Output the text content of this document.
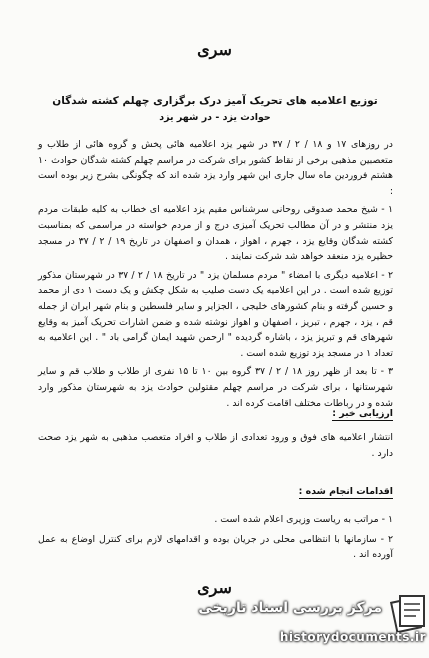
سری
توزیع اعلامیه های تحریک آمیز درک برگزاری چهلم کشته شدگان
حوادث یزد - در شهر یزد

در روزهای ۱۷ و ۱۸ / ۲ / ۳۷ در شهر یزد اعلامیه هائی پخش و گروه هائی از طلاب و متعصبین مذهبی برخی از نقاط کشور برای شرکت در مراسم چهلم کشته شدگان حوادث ۱۰ هشتم فروردین ماه سال جاری این شهر وارد یزد شده اند که چگونگی بشرح زیر بوده است :

۱ - شیخ محمد صدوقی روحانی سرشناس مقیم یزد اعلامیه ای خطاب به کلیه طبقات مردم یزد منتشر و در آن مطالب تحریک آمیزی درج و از مردم خواسته در مراسمی که بمناسبت کشته شدگان وقایع یزد ، جهرم ، اهواز ، همدان و اصفهان در تاریخ ۱۹ / ۲ / ۳۷ در مسجد حظیره یزد منعقد خواهد شد شرکت نمایند .

۲ - اعلامیه دیگری با امضاء " مردم مسلمان یزد " در تاریخ ۱۸ / ۲ / ۳۷ در شهرستان مذکور توزیع شده است . در این اعلامیه یک دست صلیب به شکل چکش و یک دست ۱ دی از محمد و حسین گرفته و بنام کشورهای خلیجی ، الجزایر و سایر فلسطین و بنام شهر ایران از جمله قم ، یزد ، جهرم ، تبریز ، اصفهان و اهواز نوشته شده و ضمن اشارات تحریک آمیز به وقایع شهرهای قم و تبریز یزد ، باشاره گردیده " ارحمن شهید ایمان گرامی باد " . این اعلامیه به تعداد ۱ در مسجد یزد توزیع شده است .

۳ - تا بعد از ظهر روز ۱۸ / ۲ / ۳۷ گروه بین ۱۰ تا ۱۵ نفری از طلاب و طلاب قم و سایر شهرستانها ، برای شرکت در مراسم چهلم مقتولین حوادث یزد به شهرستان مذکور وارد شده و در رباطات مختلف اقامت کرده اند .

ارزیابی خبر :
انتشار اعلامیه های فوق و ورود تعدادی از طلاب و افراد متعصب مذهبی به شهر یزد صحت دارد .
اقدامات انجام شده :
۱ - مراتب به ریاست وزیری اعلام شده است .
۲ - سازمانها با انتظامی محلی در جریان بوده و اقدامهای لازم برای کنترل اوضاع به عمل آورده اند .
سری
مرکز بررسی اسناد تاریخی
historydocuments.ir
